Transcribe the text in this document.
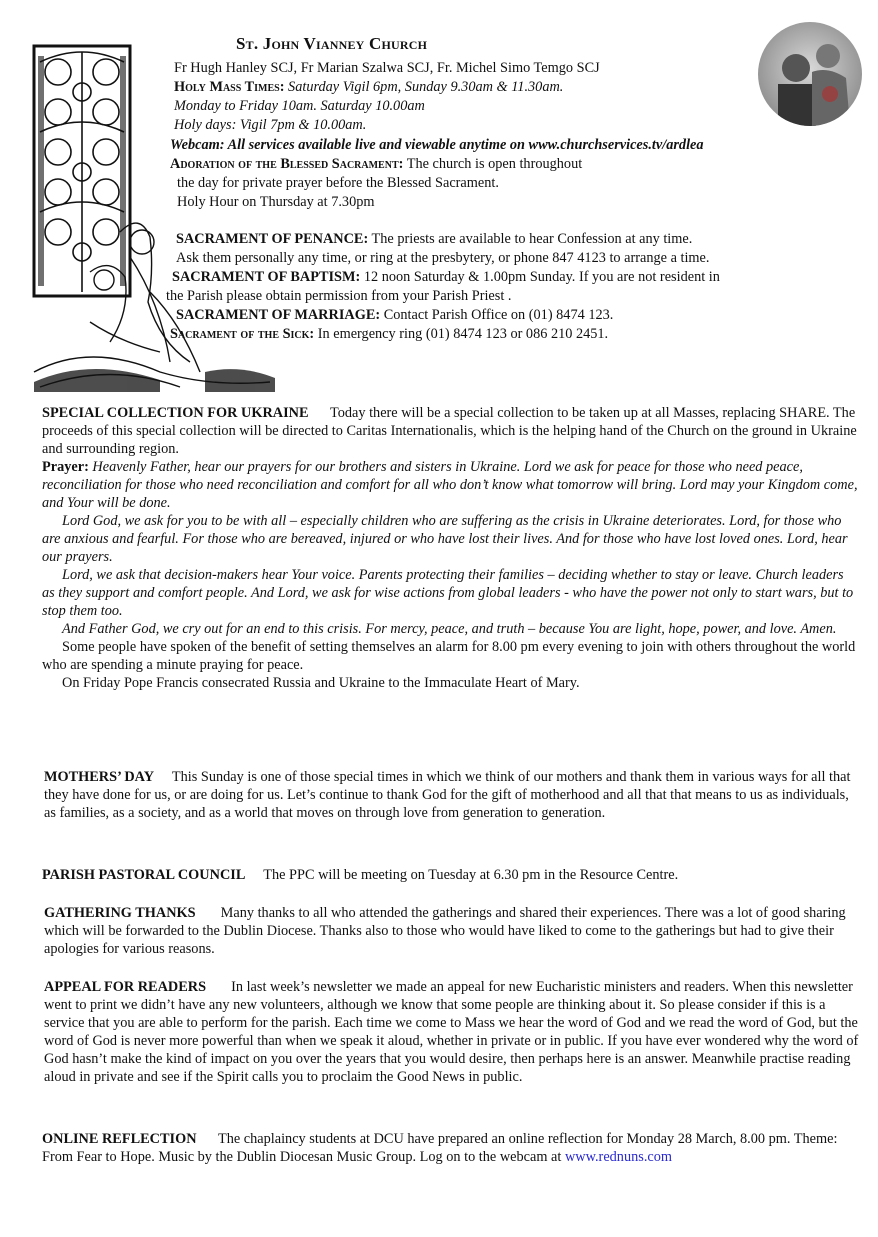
St. John Vianney Church
Fr Hugh Hanley SCJ, Fr Marian Szalwa SCJ, Fr. Michel Simo Temgo SCJ
Holy Mass Times: Saturday Vigil 6pm, Sunday 9.30am & 11.30am.
Monday to Friday 10am. Saturday 10.00am
Holy days: Vigil 7pm & 10.00am.
Webcam: All services available live and viewable anytime on www.churchservices.tv/ardlea
Adoration of the Blessed Sacrament: The church is open throughout
the day for private prayer before the Blessed Sacrament.
Holy Hour on Thursday at 7.30pm
SACRAMENT OF PENANCE: The priests are available to hear Confession at any time.
Ask them personally any time, or ring at the presbytery, or phone 847 4123 to arrange a time.
SACRAMENT OF BAPTISM: 12 noon Saturday & 1.00pm Sunday. If you are not resident in
the Parish please obtain permission from your Parish Priest .
SACRAMENT OF MARRIAGE: Contact Parish Office on (01) 8474 123.
Sacrament of the Sick: In emergency ring (01) 8474 123 or 086 210 2451.

SPECIAL COLLECTION FOR UKRAINE Today there will be a special collection to be taken up at all Masses, replacing SHARE. The proceeds of this special collection will be directed to Caritas Internationalis, which is the helping hand of the Church on the ground in Ukraine and surrounding region.

Prayer: Heavenly Father, hear our prayers for our brothers and sisters in Ukraine. Lord we ask for peace for those who need peace, reconciliation for those who need reconciliation and comfort for all who don’t know what tomorrow will bring. Lord may your Kingdom come, and Your will be done.

Lord God, we ask for you to be with all – especially children who are suffering as the crisis in Ukraine deteriorates. Lord, for those who are anxious and fearful. For those who are bereaved, injured or who have lost their lives. And for those who have lost loved ones. Lord, hear our prayers.

Lord, we ask that decision-makers hear Your voice. Parents protecting their families – deciding whether to stay or leave. Church leaders as they support and comfort people. And Lord, we ask for wise actions from global leaders - who have the power not only to start wars, but to stop them too.

And Father God, we cry out for an end to this crisis. For mercy, peace, and truth – because You are light, hope, power, and love. Amen.

Some people have spoken of the benefit of setting themselves an alarm for 8.00 pm every evening to join with others throughout the world who are spending a minute praying for peace.

On Friday Pope Francis consecrated Russia and Ukraine to the Immaculate Heart of Mary.

MOTHERS’ DAY This Sunday is one of those special times in which we think of our mothers and thank them in various ways for all that they have done for us, or are doing for us. Let’s continue to thank God for the gift of motherhood and all that that means to us as individuals, as families, as a society, and as a world that moves on through love from generation to generation.

PARISH PASTORAL COUNCIL The PPC will be meeting on Tuesday at 6.30 pm in the Resource Centre.

GATHERING THANKS Many thanks to all who attended the gatherings and shared their experiences. There was a lot of good sharing which will be forwarded to the Dublin Diocese. Thanks also to those who would have liked to come to the gatherings but had to give their apologies for various reasons.

APPEAL FOR READERS In last week’s newsletter we made an appeal for new Eucharistic ministers and readers. When this newsletter went to print we didn’t have any new volunteers, although we know that some people are thinking about it. So please consider if this is a service that you are able to perform for the parish. Each time we come to Mass we hear the word of God and we read the word of God, but the word of God is never more powerful than when we speak it aloud, whether in private or in public. If you have ever wondered why the word of God hasn’t make the kind of impact on you over the years that you would desire, then perhaps here is an answer. Meanwhile practise reading aloud in private and see if the Spirit calls you to proclaim the Good News in public.

ONLINE REFLECTION The chaplaincy students at DCU have prepared an online reflection for Monday 28 March, 8.00 pm. Theme: From Fear to Hope. Music by the Dublin Diocesan Music Group. Log on to the webcam at www.rednuns.com
